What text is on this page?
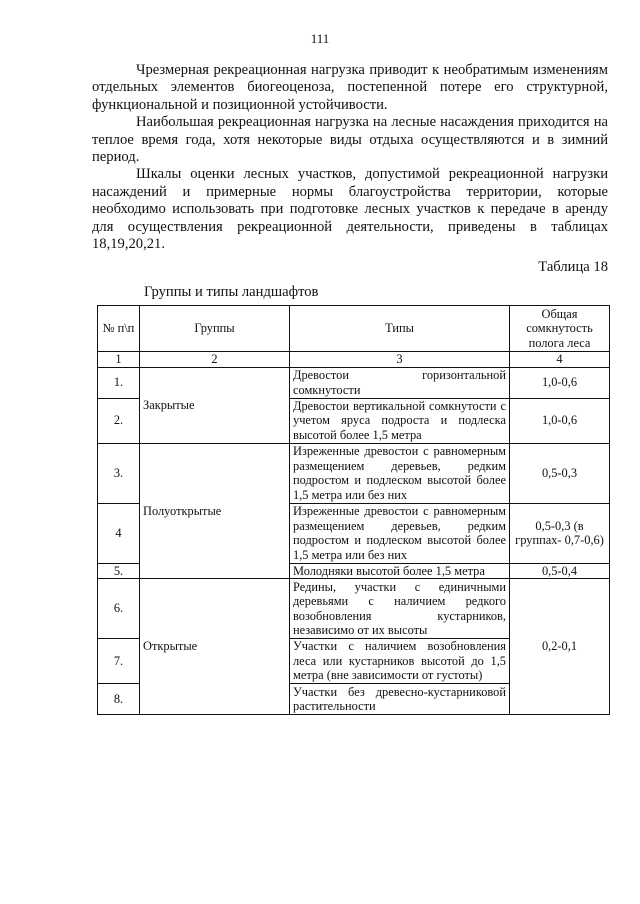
111

Чрезмерная рекреационная нагрузка приводит к необратимым изменениям отдельных элементов биогеоценоза, постепенной потере его структурной, функциональной и позиционной устойчивости.

Наибольшая рекреационная нагрузка на лесные насаждения приходится на теплое время года, хотя некоторые виды отдыха осуществляются и в зимний период.

Шкалы оценки лесных участков, допустимой рекреационной нагрузки насаждений и примерные нормы благоустройства территории, которые необходимо использовать при подготовке лесных участков к передаче в аренду для осуществления рекреационной деятельности, приведены в таблицах 18,19,20,21.

Таблица 18
Группы и типы ландшафтов
№ п\п	Группы	Типы	Общая сомкнутость полога леса
1	2	3	4
1.	Закрытые	Древостои горизонтальной сомкнутости	1,0-0,6
2.		Древостои вертикальной сомкнутости с учетом яруса подроста и подлеска высотой более 1,5 метра	1,0-0,6
3.	Полуоткрытые	Изреженные древостои с равномерным размещением деревьев, редким подростом и подлеском высотой более 1,5 метра или без них	0,5-0,3
4		Изреженные древостои с равномерным размещением деревьев, редким подростом и подлеском высотой более 1,5 метра или без них	0,5-0,3 (в группах- 0,7-0,6)
5.		Молодняки высотой более 1,5 метра	0,5-0,4
6.	Открытые	Редины, участки с единичными деревьями с наличием редкого возобновления кустарников, независимо от их высоты	0,2-0,1
7.		Участки с наличием возобновления леса или кустарников высотой до 1,5 метра (вне зависимости от густоты)	
8.		Участки без древесно-кустарниковой растительности	
